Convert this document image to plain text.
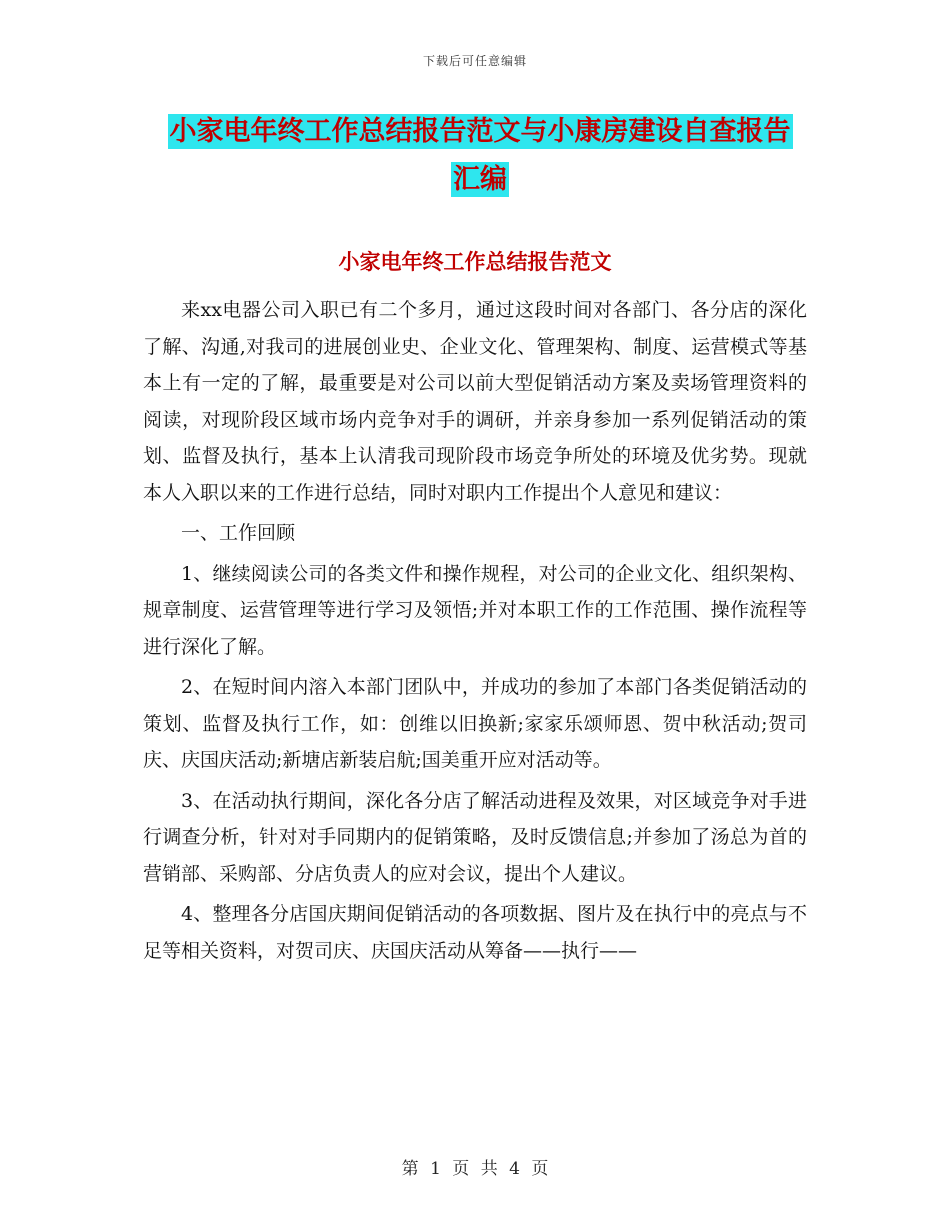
下载后可任意编辑
小家电年终工作总结报告范文与小康房建设自查报告
汇编
小家电年终工作总结报告范文

来xx电器公司入职已有二个多月，通过这段时间对各部门、各分店的深化了解、沟通,对我司的进展创业史、企业文化、管理架构、制度、运营模式等基本上有一定的了解，最重要是对公司以前大型促销活动方案及卖场管理资料的阅读，对现阶段区域市场内竞争对手的调研，并亲身参加一系列促销活动的策划、监督及执行，基本上认清我司现阶段市场竞争所处的环境及优劣势。现就本人入职以来的工作进行总结，同时对职内工作提出个人意见和建议：

一、工作回顾

1、继续阅读公司的各类文件和操作规程，对公司的企业文化、组织架构、规章制度、运营管理等进行学习及领悟;并对本职工作的工作范围、操作流程等进行深化了解。

2、在短时间内溶入本部门团队中，并成功的参加了本部门各类促销活动的策划、监督及执行工作，如：创维以旧换新;家家乐颂师恩、贺中秋活动;贺司庆、庆国庆活动;新塘店新装启航;国美重开应对活动等。

3、在活动执行期间，深化各分店了解活动进程及效果，对区域竞争对手进行调查分析，针对对手同期内的促销策略，及时反馈信息;并参加了汤总为首的营销部、采购部、分店负责人的应对会议，提出个人建议。

4、整理各分店国庆期间促销活动的各项数据、图片及在执行中的亮点与不足等相关资料，对贺司庆、庆国庆活动从筹备——执行——

第 1 页 共 4 页
